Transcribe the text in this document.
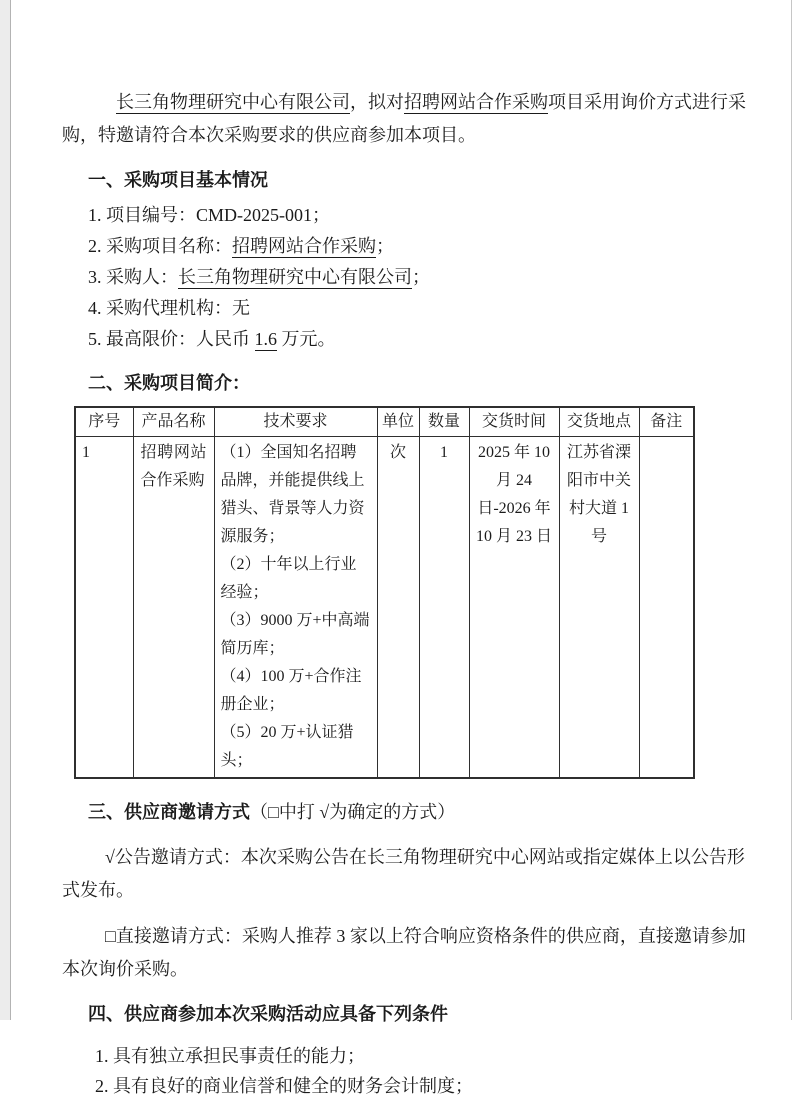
长三角物理研究中心有限公司，拟对招聘网站合作采购项目采用询价方式进行采购，特邀请符合本次采购要求的供应商参加本项目。

一、采购项目基本情况

1. 项目编号：CMD-2025-001；

2. 采购项目名称：招聘网站合作采购；

3. 采购人：长三角物理研究中心有限公司；

4. 采购代理机构：无

5. 最高限价：人民币 1.6 万元。

二、采购项目简介：

序号	产品名称	技术要求	单位	数量	交货时间	交货地点	备注
1	招聘网站合作采购	（1）全国知名招聘品牌，并能提供线上猎头、背景等人力资源服务；
（2）十年以上行业经验；
（3）9000 万+中高端简历库；
（4）100 万+合作注册企业；
（5）20 万+认证猎头；	次	1	2025 年 10 月 24 日-2026 年 10 月 23 日	江苏省溧阳市中关村大道 1 号	

三、供应商邀请方式（□中打 √为确定的方式）

√公告邀请方式：本次采购公告在长三角物理研究中心网站或指定媒体上以公告形式发布。

□直接邀请方式：采购人推荐 3 家以上符合响应资格条件的供应商，直接邀请参加本次询价采购。

四、供应商参加本次采购活动应具备下列条件

1. 具有独立承担民事责任的能力；

2. 具有良好的商业信誉和健全的财务会计制度；
